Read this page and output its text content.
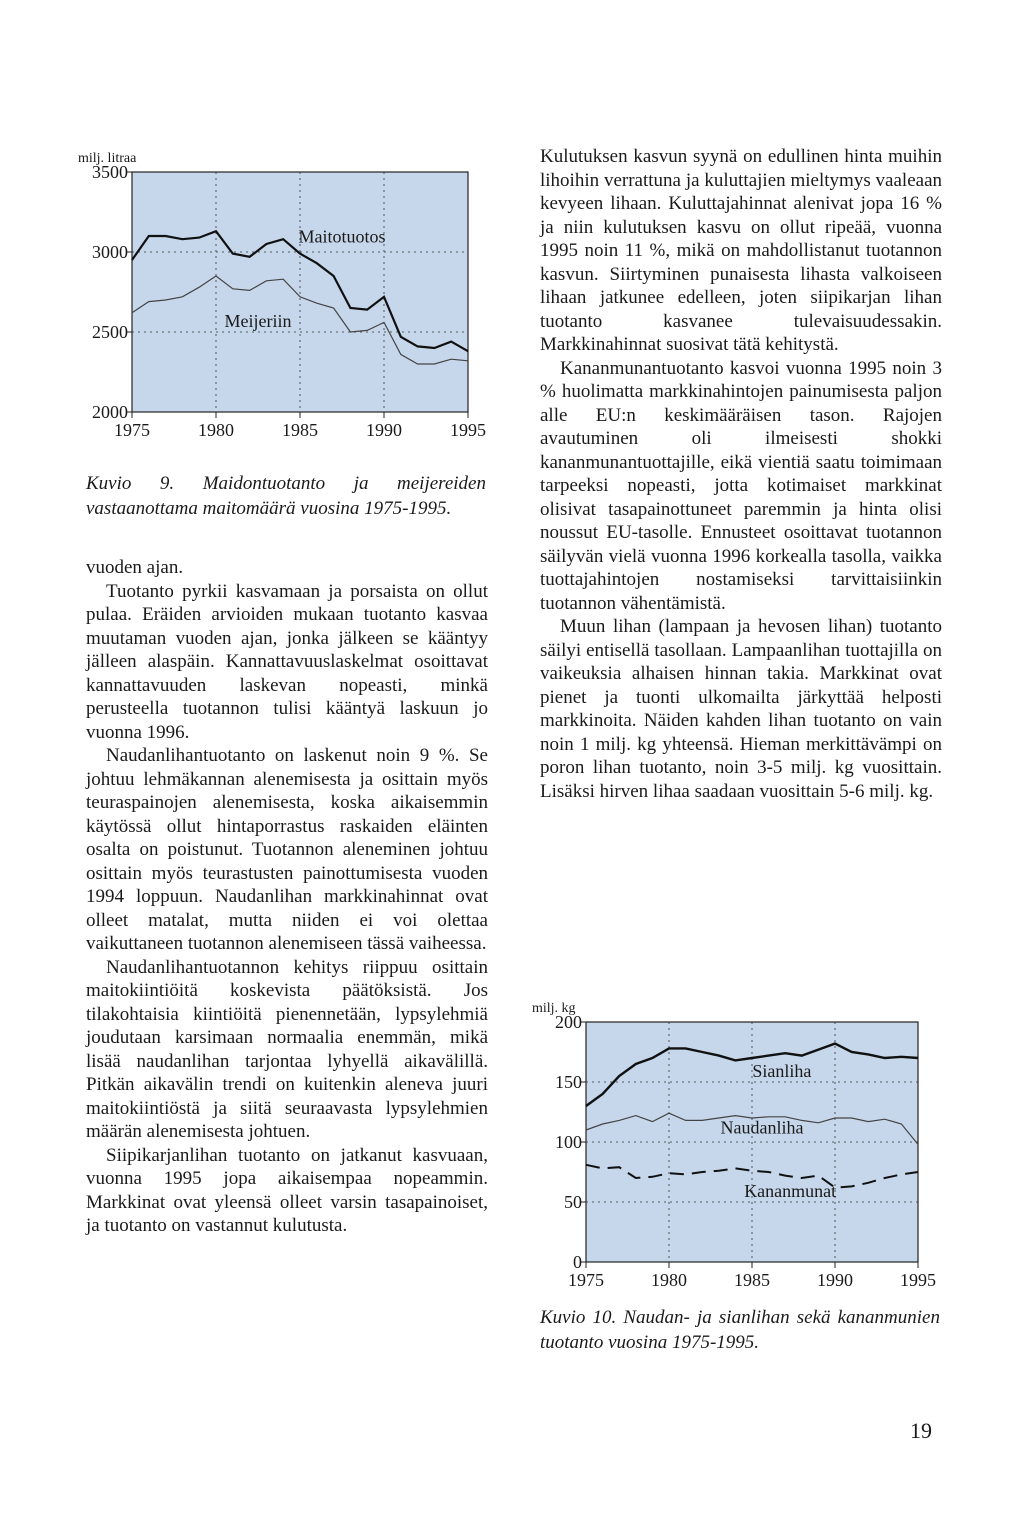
2000
2500
3000
3500
1975	1980	1985	1990	1995
milj. litraa
Maitotuotos
Meijeriin
0
50
100
150
200
1975	1980	1985	1990	1995
milj. kg
Sianliha
Naudanliha
Kananmunat
Kuvio 9. Maidontuotanto ja meijereiden vastaanottama maitomäärä vuosina 1975-1995.
Kuvio 10. Naudan- ja sianlihan sekä kananmunien tuotanto vuosina 1975-1995.

vuoden ajan.

Tuotanto pyrkii kasvamaan ja porsaista on ollut pulaa. Eräiden arvioiden mukaan tuotanto kasvaa muutaman vuoden ajan, jonka jälkeen se kääntyy jälleen alaspäin. Kannattavuuslaskelmat osoittavat kannattavuuden laskevan nopeasti, minkä perusteella tuotannon tulisi kääntyä laskuun jo vuonna 1996.

Naudanlihantuotanto on laskenut noin 9 %. Se johtuu lehmäkannan alenemisesta ja osittain myös teuraspainojen alenemisesta, koska aikaisemmin käytössä ollut hintaporrastus raskaiden eläinten osalta on poistunut. Tuotannon aleneminen johtuu osittain myös teurastusten painottumisesta vuoden 1994 loppuun. Naudanlihan markkinahinnat ovat olleet matalat, mutta niiden ei voi olettaa vaikuttaneen tuotannon alenemiseen tässä vaiheessa.

Naudanlihantuotannon kehitys riippuu osittain maitokiintiöitä koskevista päätöksistä. Jos tilakohtaisia kiintiöitä pienennetään, lypsylehmiä joudutaan karsimaan normaalia enemmän, mikä lisää naudanlihan tarjontaa lyhyellä aikavälillä. Pitkän aikavälin trendi on kuitenkin aleneva juuri maitokiintiöstä ja siitä seuraavasta lypsylehmien määrän alenemisesta johtuen.

Siipikarjanlihan tuotanto on jatkanut kasvuaan, vuonna 1995 jopa aikaisempaa nopeammin. Markkinat ovat yleensä olleet varsin tasapainoiset, ja tuotanto on vastannut kulutusta.

Kulutuksen kasvun syynä on edullinen hinta muihin lihoihin verrattuna ja kuluttajien mieltymys vaaleaan kevyeen lihaan. Kuluttajahinnat alenivat jopa 16 % ja niin kulutuksen kasvu on ollut ripeää, vuonna 1995 noin 11 %, mikä on mahdollistanut tuotannon kasvun. Siirtyminen punaisesta lihasta valkoiseen lihaan jatkunee edelleen, joten siipikarjan lihan tuotanto kasvanee tulevaisuudessakin. Markkinahinnat suosivat tätä kehitystä.

Kananmunantuotanto kasvoi vuonna 1995 noin 3 % huolimatta markkinahintojen painumisesta paljon alle EU:n keskimääräisen tason. Rajojen avautuminen oli ilmeisesti shokki kananmunantuottajille, eikä vientiä saatu toimimaan tarpeeksi nopeasti, jotta kotimaiset markkinat olisivat tasapainottuneet paremmin ja hinta olisi noussut EU-tasolle. Ennusteet osoittavat tuotannon säilyvän vielä vuonna 1996 korkealla tasolla, vaikka tuottajahintojen nostamiseksi tarvittaisiinkin tuotannon vähentämistä.

Muun lihan (lampaan ja hevosen lihan) tuotanto säilyi entisellä tasollaan. Lampaanlihan tuottajilla on vaikeuksia alhaisen hinnan takia. Markkinat ovat pienet ja tuonti ulkomailta järkyttää helposti markkinoita. Näiden kahden lihan tuotanto on vain noin 1 milj. kg yhteensä. Hieman merkittävämpi on poron lihan tuotanto, noin 3-5 milj. kg vuosittain. Lisäksi hirven lihaa saadaan vuosittain 5-6 milj. kg.

19
